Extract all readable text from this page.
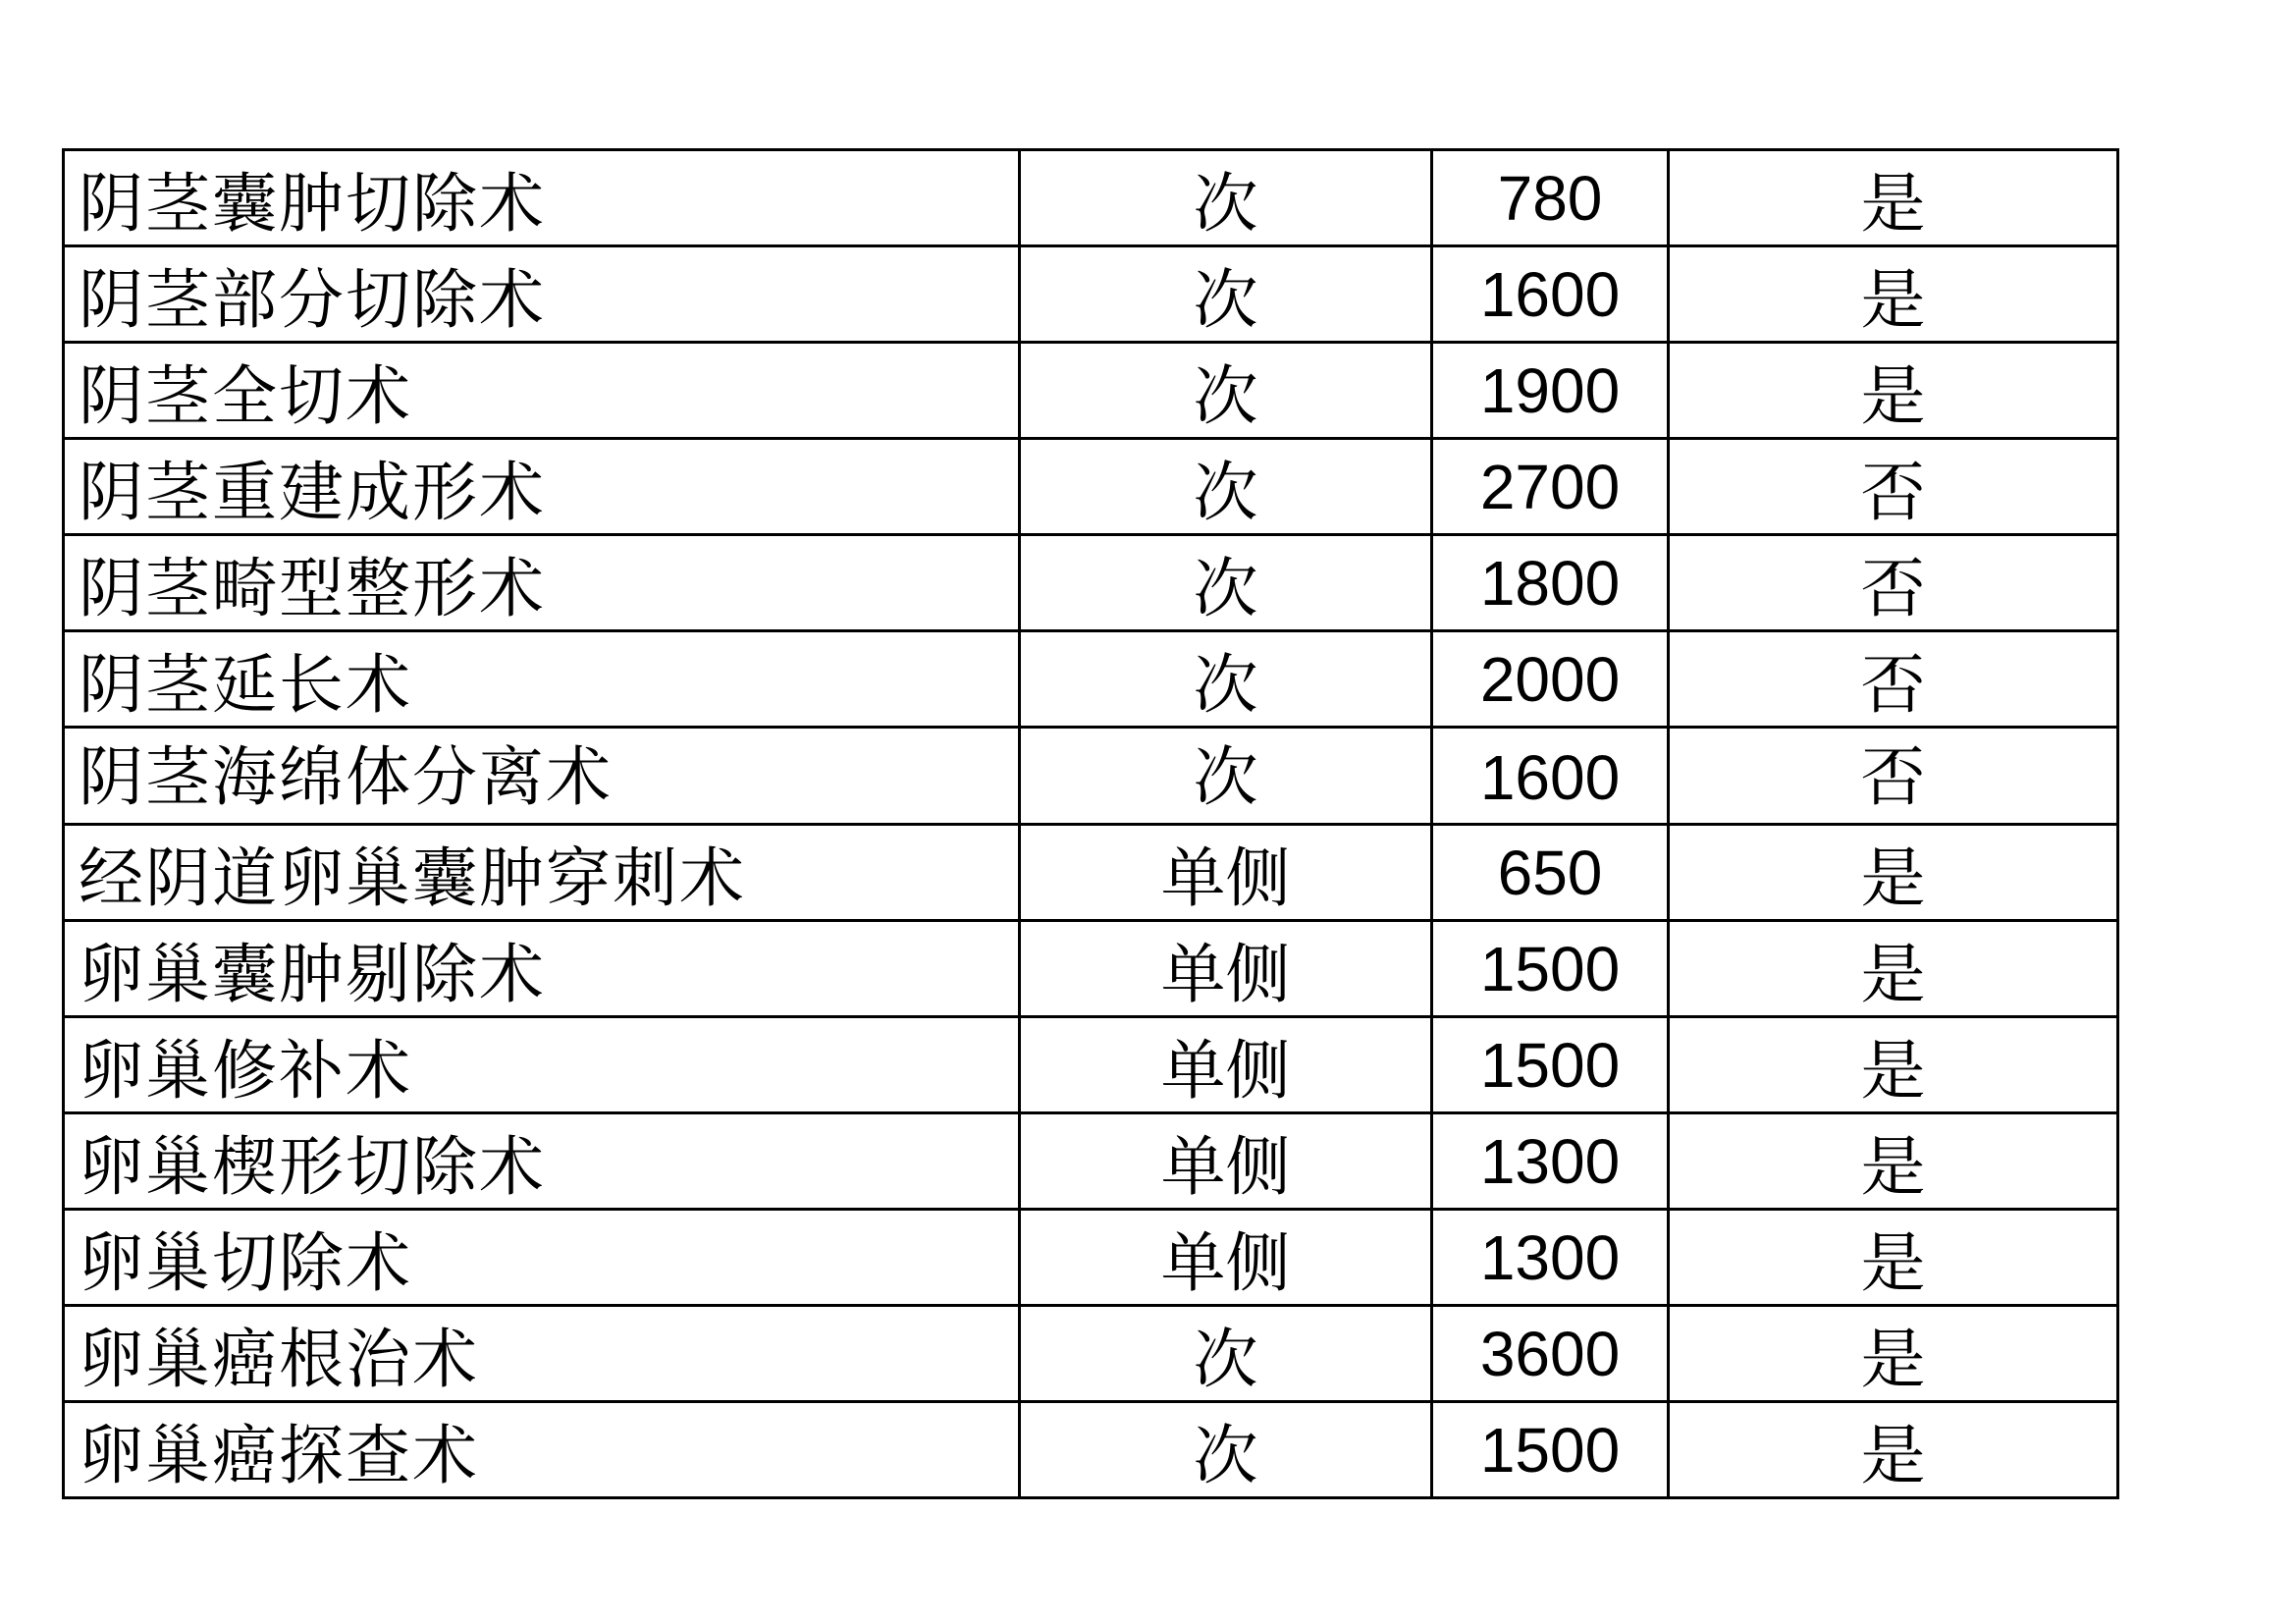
阴茎囊肿切除术	次	780	是
阴茎部分切除术	次	1600	是
阴茎全切术	次	1900	是
阴茎重建成形术	次	2700	否
阴茎畸型整形术	次	1800	否
阴茎延长术	次	2000	否

阴茎海绵体分离术	次	1600	否

经阴道卵巢囊肿穿刺术	单侧	650	是
卵巢囊肿剔除术	单侧	1500	是
卵巢修补术	单侧	1500	是
卵巢楔形切除术	单侧	1300	是
卵巢切除术	单侧	1300	是
卵巢癌根治术	次	3600	是
卵巢癌探查术	次	1500	是
